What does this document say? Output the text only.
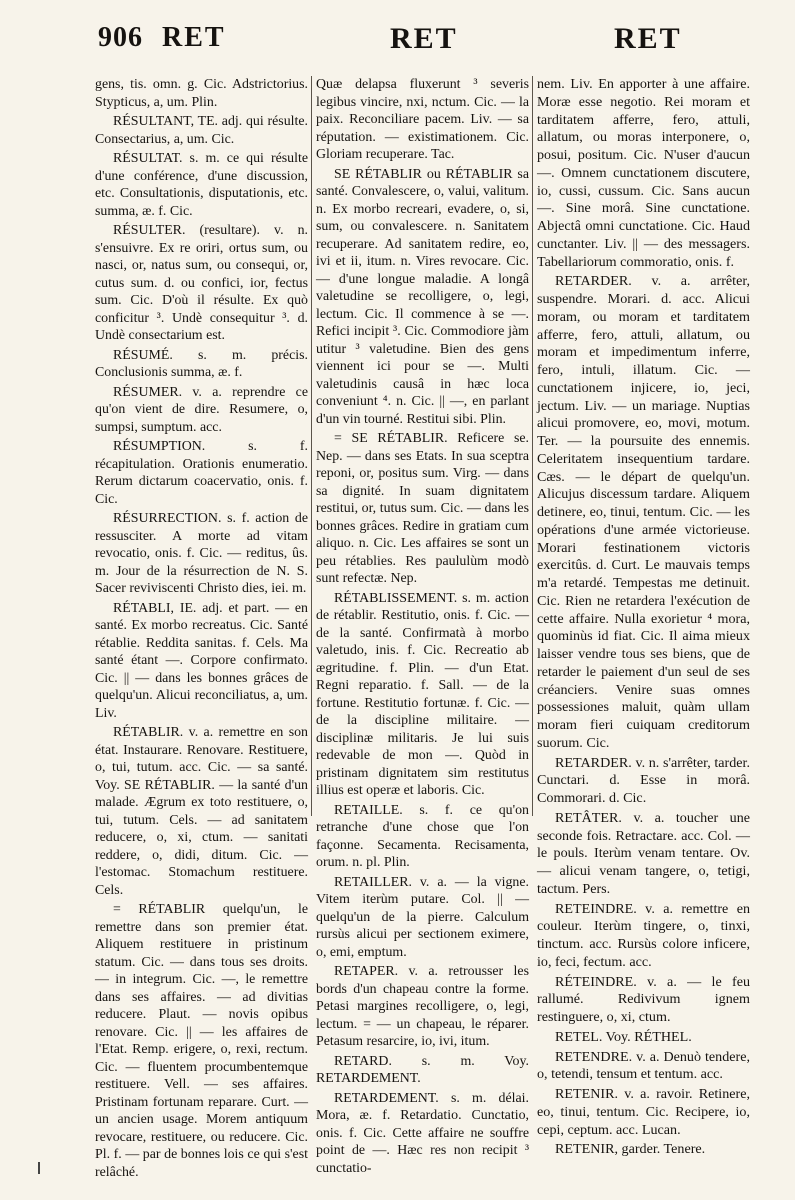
906 RET	RET	RET

gens, tis. omn. g. Cic. Adstrictorius. Stypticus, a, um. Plin.

RÉSULTANT, TE. adj. qui résulte. Consectarius, a, um. Cic.

RÉSULTAT. s. m. ce qui résulte d'une conférence, d'une discussion, etc. Consultationis, disputationis, etc. summa, æ. f. Cic.

RÉSULTER. (resultare). v. n. s'ensuivre. Ex re oriri, ortus sum, ou nasci, or, natus sum, ou consequi, or, cutus sum. d. ou confici, ior, fectus sum. Cic. D'où il résulte. Ex quò conficitur ³. Undè consequitur ³. d. Undè consectarium est.

RÉSUMÉ. s. m. précis. Conclusionis summa, æ. f.

RÉSUMER. v. a. reprendre ce qu'on vient de dire. Resumere, o, sumpsi, sumptum. acc.

RÉSUMPTION. s. f. récapitulation. Orationis enumeratio. Rerum dictarum coacervatio, onis. f. Cic.

RÉSURRECTION. s. f. action de ressusciter. A morte ad vitam revocatio, onis. f. Cic. — reditus, ûs. m. Jour de la résurrection de N. S. Sacer reviviscenti Christo dies, iei. m.

RÉTABLI, IE. adj. et part. — en santé. Ex morbo recreatus. Cic. Santé rétablie. Reddita sanitas. f. Cels. Ma santé étant —. Corpore confirmato. Cic. || — dans les bonnes grâces de quelqu'un. Alicui reconciliatus, a, um. Liv.

RÉTABLIR. v. a. remettre en son état. Instaurare. Renovare. Restituere, o, tui, tutum. acc. Cic. — sa santé. Voy. SE RÉTABLIR. — la santé d'un malade. Ægrum ex toto restituere, o, tui, tutum. Cels. — ad sanitatem reducere, o, xi, ctum. — sanitati reddere, o, didi, ditum. Cic. — l'estomac. Stomachum restituere. Cels.

= RÉTABLIR quelqu'un, le remettre dans son premier état. Aliquem restituere in pristinum statum. Cic. — dans tous ses droits. — in integrum. Cic. —, le remettre dans ses affaires. — ad divitias reducere. Plaut. — novis opibus renovare. Cic. || — les affaires de l'Etat. Remp. erigere, o, rexi, rectum. Cic. — fluentem procumbentemque restituere. Vell. — ses affaires. Pristinam fortunam reparare. Curt. — un ancien usage. Morem antiquum revocare, restituere, ou reducere. Cic. Pl. f. — par de bonnes lois ce qui s'est relâché.

Quæ delapsa fluxerunt ³ severis legibus vincire, nxi, nctum. Cic. — la paix. Reconciliare pacem. Liv. — sa réputation. — existimationem. Cic. Gloriam recuperare. Tac.

SE RÉTABLIR ou RÉTABLIR sa santé. Convalescere, o, valui, valitum. n. Ex morbo recreari, evadere, o, si, sum, ou convalescere. n. Sanitatem recuperare. Ad sanitatem redire, eo, ivi et ii, itum. n. Vires revocare. Cic. — d'une longue maladie. A longâ valetudine se recolligere, o, legi, lectum. Cic. Il commence à se —. Refici incipit ³. Cic. Commodiore jàm utitur ³ valetudine. Bien des gens viennent ici pour se —. Multi valetudinis causâ in hæc loca conveniunt ⁴. n. Cic. || —, en parlant d'un vin tourné. Restitui sibi. Plin.

= SE RÉTABLIR. Reficere se. Nep. — dans ses Etats. In sua sceptra reponi, or, positus sum. Virg. — dans sa dignité. In suam dignitatem restitui, or, tutus sum. Cic. — dans les bonnes grâces. Redire in gratiam cum aliquo. n. Cic. Les affaires se sont un peu rétablies. Res paululùm modò sunt refectæ. Nep.

RÉTABLISSEMENT. s. m. action de rétablir. Restitutio, onis. f. Cic. — de la santé. Confirmatà à morbo valetudo, inis. f. Cic. Recreatio ab ægritudine. f. Plin. — d'un Etat. Regni reparatio. f. Sall. — de la fortune. Restitutio fortunæ. f. Cic. — de la discipline militaire. — disciplinæ militaris. Je lui suis redevable de mon —. Quòd in pristinam dignitatem sim restitutus illius est operæ et laboris. Cic.

RETAILLE. s. f. ce qu'on retranche d'une chose que l'on façonne. Secamenta. Recisamenta, orum. n. pl. Plin.

RETAILLER. v. a. — la vigne. Vitem iterùm putare. Col. || — quelqu'un de la pierre. Calculum rursùs alicui per sectionem eximere, o, emi, emptum.

RETAPER. v. a. retrousser les bords d'un chapeau contre la forme. Petasi margines recolligere, o, legi, lectum. = — un chapeau, le réparer. Petasum resarcire, io, ivi, itum.

RETARD. s. m. Voy. RETARDEMENT.

RETARDEMENT. s. m. délai. Mora, æ. f. Retardatio. Cunctatio, onis. f. Cic. Cette affaire ne souffre point de —. Hæc res non recipit ³ cunctatio-

nem. Liv. En apporter à une affaire. Moræ esse negotio. Rei moram et tarditatem afferre, fero, attuli, allatum, ou moras interponere, o, posui, positum. Cic. N'user d'aucun —. Omnem cunctationem discutere, io, cussi, cussum. Cic. Sans aucun —. Sine morâ. Sine cunctatione. Abjectâ omni cunctatione. Cic. Haud cunctanter. Liv. || — des messagers. Tabellariorum commoratio, onis. f.

RETARDER. v. a. arrêter, suspendre. Morari. d. acc. Alicui moram, ou moram et tarditatem afferre, fero, attuli, allatum, ou moram et impedimentum inferre, fero, intuli, illatum. Cic. — cunctationem injicere, io, jeci, jectum. Liv. — un mariage. Nuptias alicui promovere, eo, movi, motum. Ter. — la poursuite des ennemis. Celeritatem insequentium tardare. Cæs. — le départ de quelqu'un. Alicujus discessum tardare. Aliquem detinere, eo, tinui, tentum. Cic. — les opérations d'une armée victorieuse. Morari festinationem victoris exercitûs. d. Curt. Le mauvais temps m'a retardé. Tempestas me detinuit. Cic. Rien ne retardera l'exécution de cette affaire. Nulla exorietur ⁴ mora, quominùs id fiat. Cic. Il aima mieux laisser vendre tous ses biens, que de retarder le paiement d'un seul de ses créanciers. Venire suas omnes possessiones maluit, quàm ullam moram fieri cuiquam creditorum suorum. Cic.

RETARDER. v. n. s'arrêter, tarder. Cunctari. d. Esse in morâ. Commorari. d. Cic.

RETÂTER. v. a. toucher une seconde fois. Retractare. acc. Col. — le pouls. Iterùm venam tentare. Ov. — alicui venam tangere, o, tetigi, tactum. Pers.

RETEINDRE. v. a. remettre en couleur. Iterùm tingere, o, tinxi, tinctum. acc. Rursùs colore inficere, io, feci, fectum. acc.

RÉTEINDRE. v. a. — le feu rallumé. Redivivum ignem restinguere, o, xi, ctum.

RETEL. Voy. RÉTHEL.

RETENDRE. v. a. Denuò tendere, o, tetendi, tensum et tentum. acc.

RETENIR. v. a. ravoir. Retinere, eo, tinui, tentum. Cic. Recipere, io, cepi, ceptum. acc. Lucan.

RETENIR, garder. Tenere.
